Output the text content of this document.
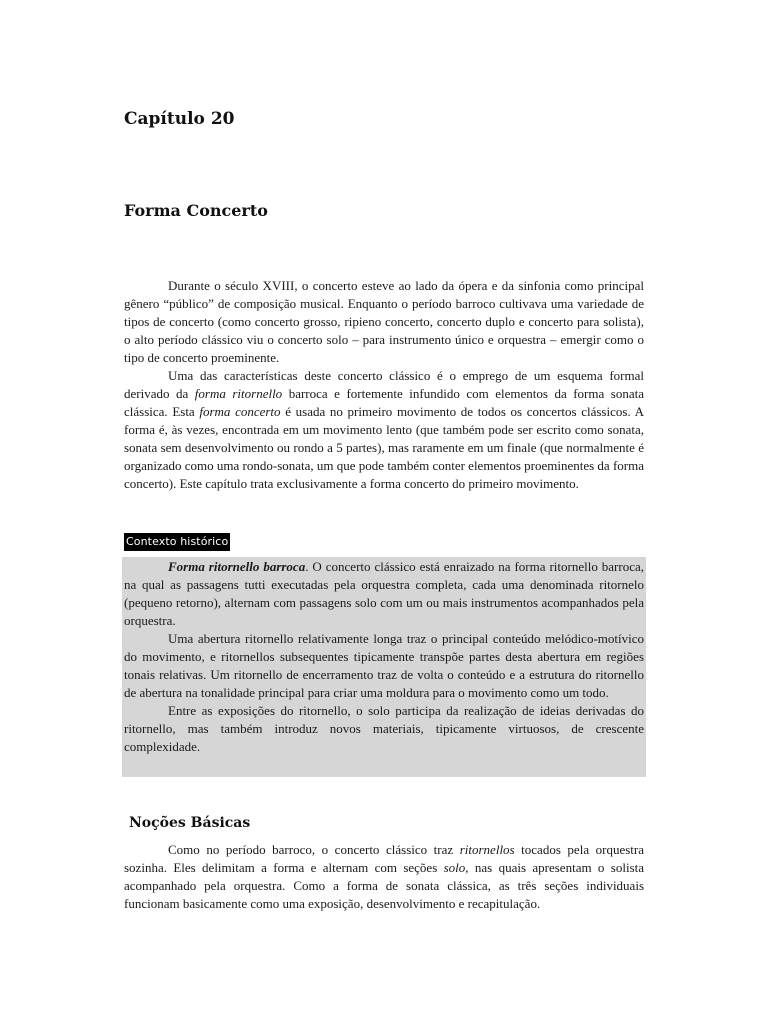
Capítulo 20
Forma Concerto

Durante o século XVIII, o concerto esteve ao lado da ópera e da sinfonia como principal gênero “público” de composição musical. Enquanto o período barroco cultivava uma variedade de tipos de concerto (como concerto grosso, ripieno concerto, concerto duplo e concerto para solista), o alto período clássico viu o concerto solo – para instrumento único e orquestra – emergir como o tipo de concerto proeminente.

Uma das características deste concerto clássico é o emprego de um esquema formal derivado da forma ritornello barroca e fortemente infundido com elementos da forma sonata clássica. Esta forma concerto é usada no primeiro movimento de todos os concertos clássicos. A forma é, às vezes, encontrada em um movimento lento (que também pode ser escrito como sonata, sonata sem desenvolvimento ou rondo a 5 partes), mas raramente em um finale (que normalmente é organizado como uma rondo-sonata, um que pode também conter elementos proeminentes da forma concerto). Este capítulo trata exclusivamente a forma concerto do primeiro movimento.

Contexto histórico

Forma ritornello barroca. O concerto clássico está enraizado na forma ritornello barroca, na qual as passagens tutti executadas pela orquestra completa, cada uma denominada ritornelo (pequeno retorno), alternam com passagens solo com um ou mais instrumentos acompanhados pela orquestra.

Uma abertura ritornello relativamente longa traz o principal conteúdo melódico-motívico do movimento, e ritornellos subsequentes tipicamente transpõe partes desta abertura em regiões tonais relativas. Um ritornello de encerramento traz de volta o conteúdo e a estrutura do ritornello de abertura na tonalidade principal para criar uma moldura para o movimento como um todo.

Entre as exposições do ritornello, o solo participa da realização de ideias derivadas do ritornello, mas também introduz novos materiais, tipicamente virtuosos, de crescente complexidade.

Noções Básicas

Como no período barroco, o concerto clássico traz ritornellos tocados pela orquestra sozinha. Eles delimitam a forma e alternam com seções solo, nas quais apresentam o solista acompanhado pela orquestra. Como a forma de sonata clássica, as três seções individuais funcionam basicamente como uma exposição, desenvolvimento e recapitulação.
